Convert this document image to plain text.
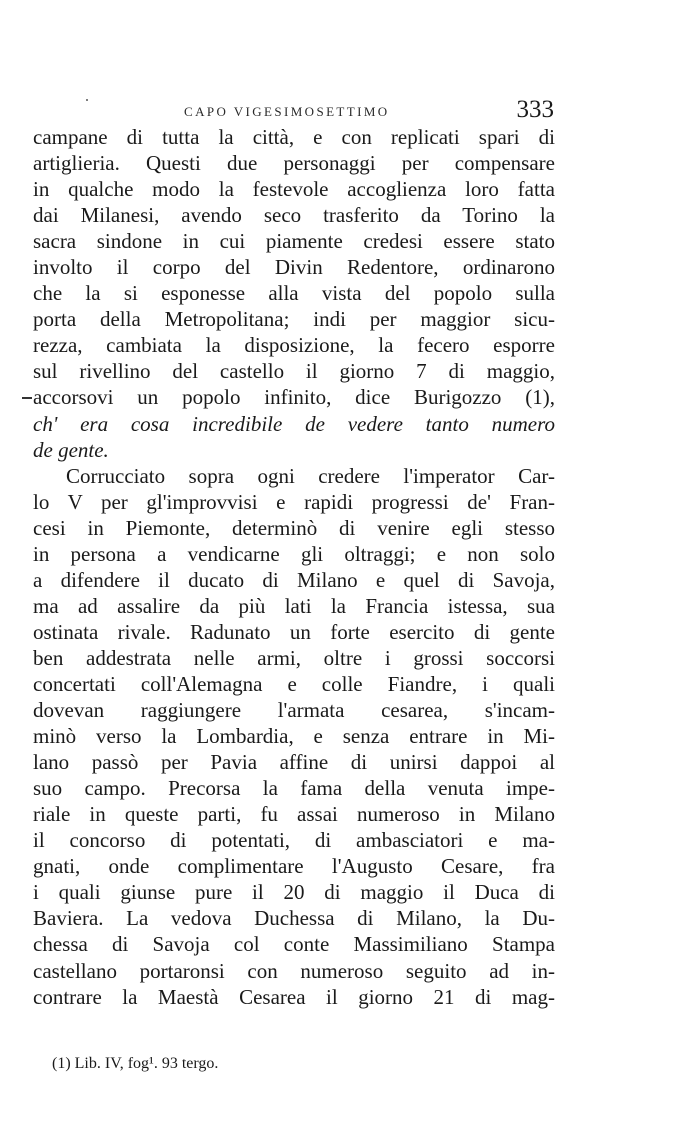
CAPO VIGESIMOSETTIMO	333
campane di tutta la città, e con replicati spari di
artiglieria. Questi due personaggi per compensare
in qualche modo la festevole accoglienza loro fatta
dai Milanesi, avendo seco trasferito da Torino la
sacra sindone in cui piamente credesi essere stato
involto il corpo del Divin Redentore, ordinarono
che la si esponesse alla vista del popolo sulla
porta della Metropolitana; indi per maggior sicu-
rezza, cambiata la disposizione, la fecero esporre
sul rivellino del castello il giorno 7 di maggio,
accorsovi un popolo infinito, dice Burigozzo (1),
ch' era cosa incredibile de vedere tanto numero
de gente.
Corrucciato sopra ogni credere l'imperator Car-
lo V per gl'improvvisi e rapidi progressi de' Fran-
cesi in Piemonte, determinò di venire egli stesso
in persona a vendicarne gli oltraggi; e non solo
a difendere il ducato di Milano e quel di Savoja,
ma ad assalire da più lati la Francia istessa, sua
ostinata rivale. Radunato un forte esercito di gente
ben addestrata nelle armi, oltre i grossi soccorsi
concertati coll'Alemagna e colle Fiandre, i quali
dovevan raggiungere l'armata cesarea, s'incam-
minò verso la Lombardia, e senza entrare in Mi-
lano passò per Pavia affine di unirsi dappoi al
suo campo. Precorsa la fama della venuta impe-
riale in queste parti, fu assai numeroso in Milano
il concorso di potentati, di ambasciatori e ma-
gnati, onde complimentare l'Augusto Cesare, fra
i quali giunse pure il 20 di maggio il Duca di
Baviera. La vedova Duchessa di Milano, la Du-
chessa di Savoja col conte Massimiliano Stampa
castellano portaronsi con numeroso seguito ad in-
contrare la Maestà Cesarea il giorno 21 di mag-
(1) Lib. IV, fog¹. 93 tergo.
